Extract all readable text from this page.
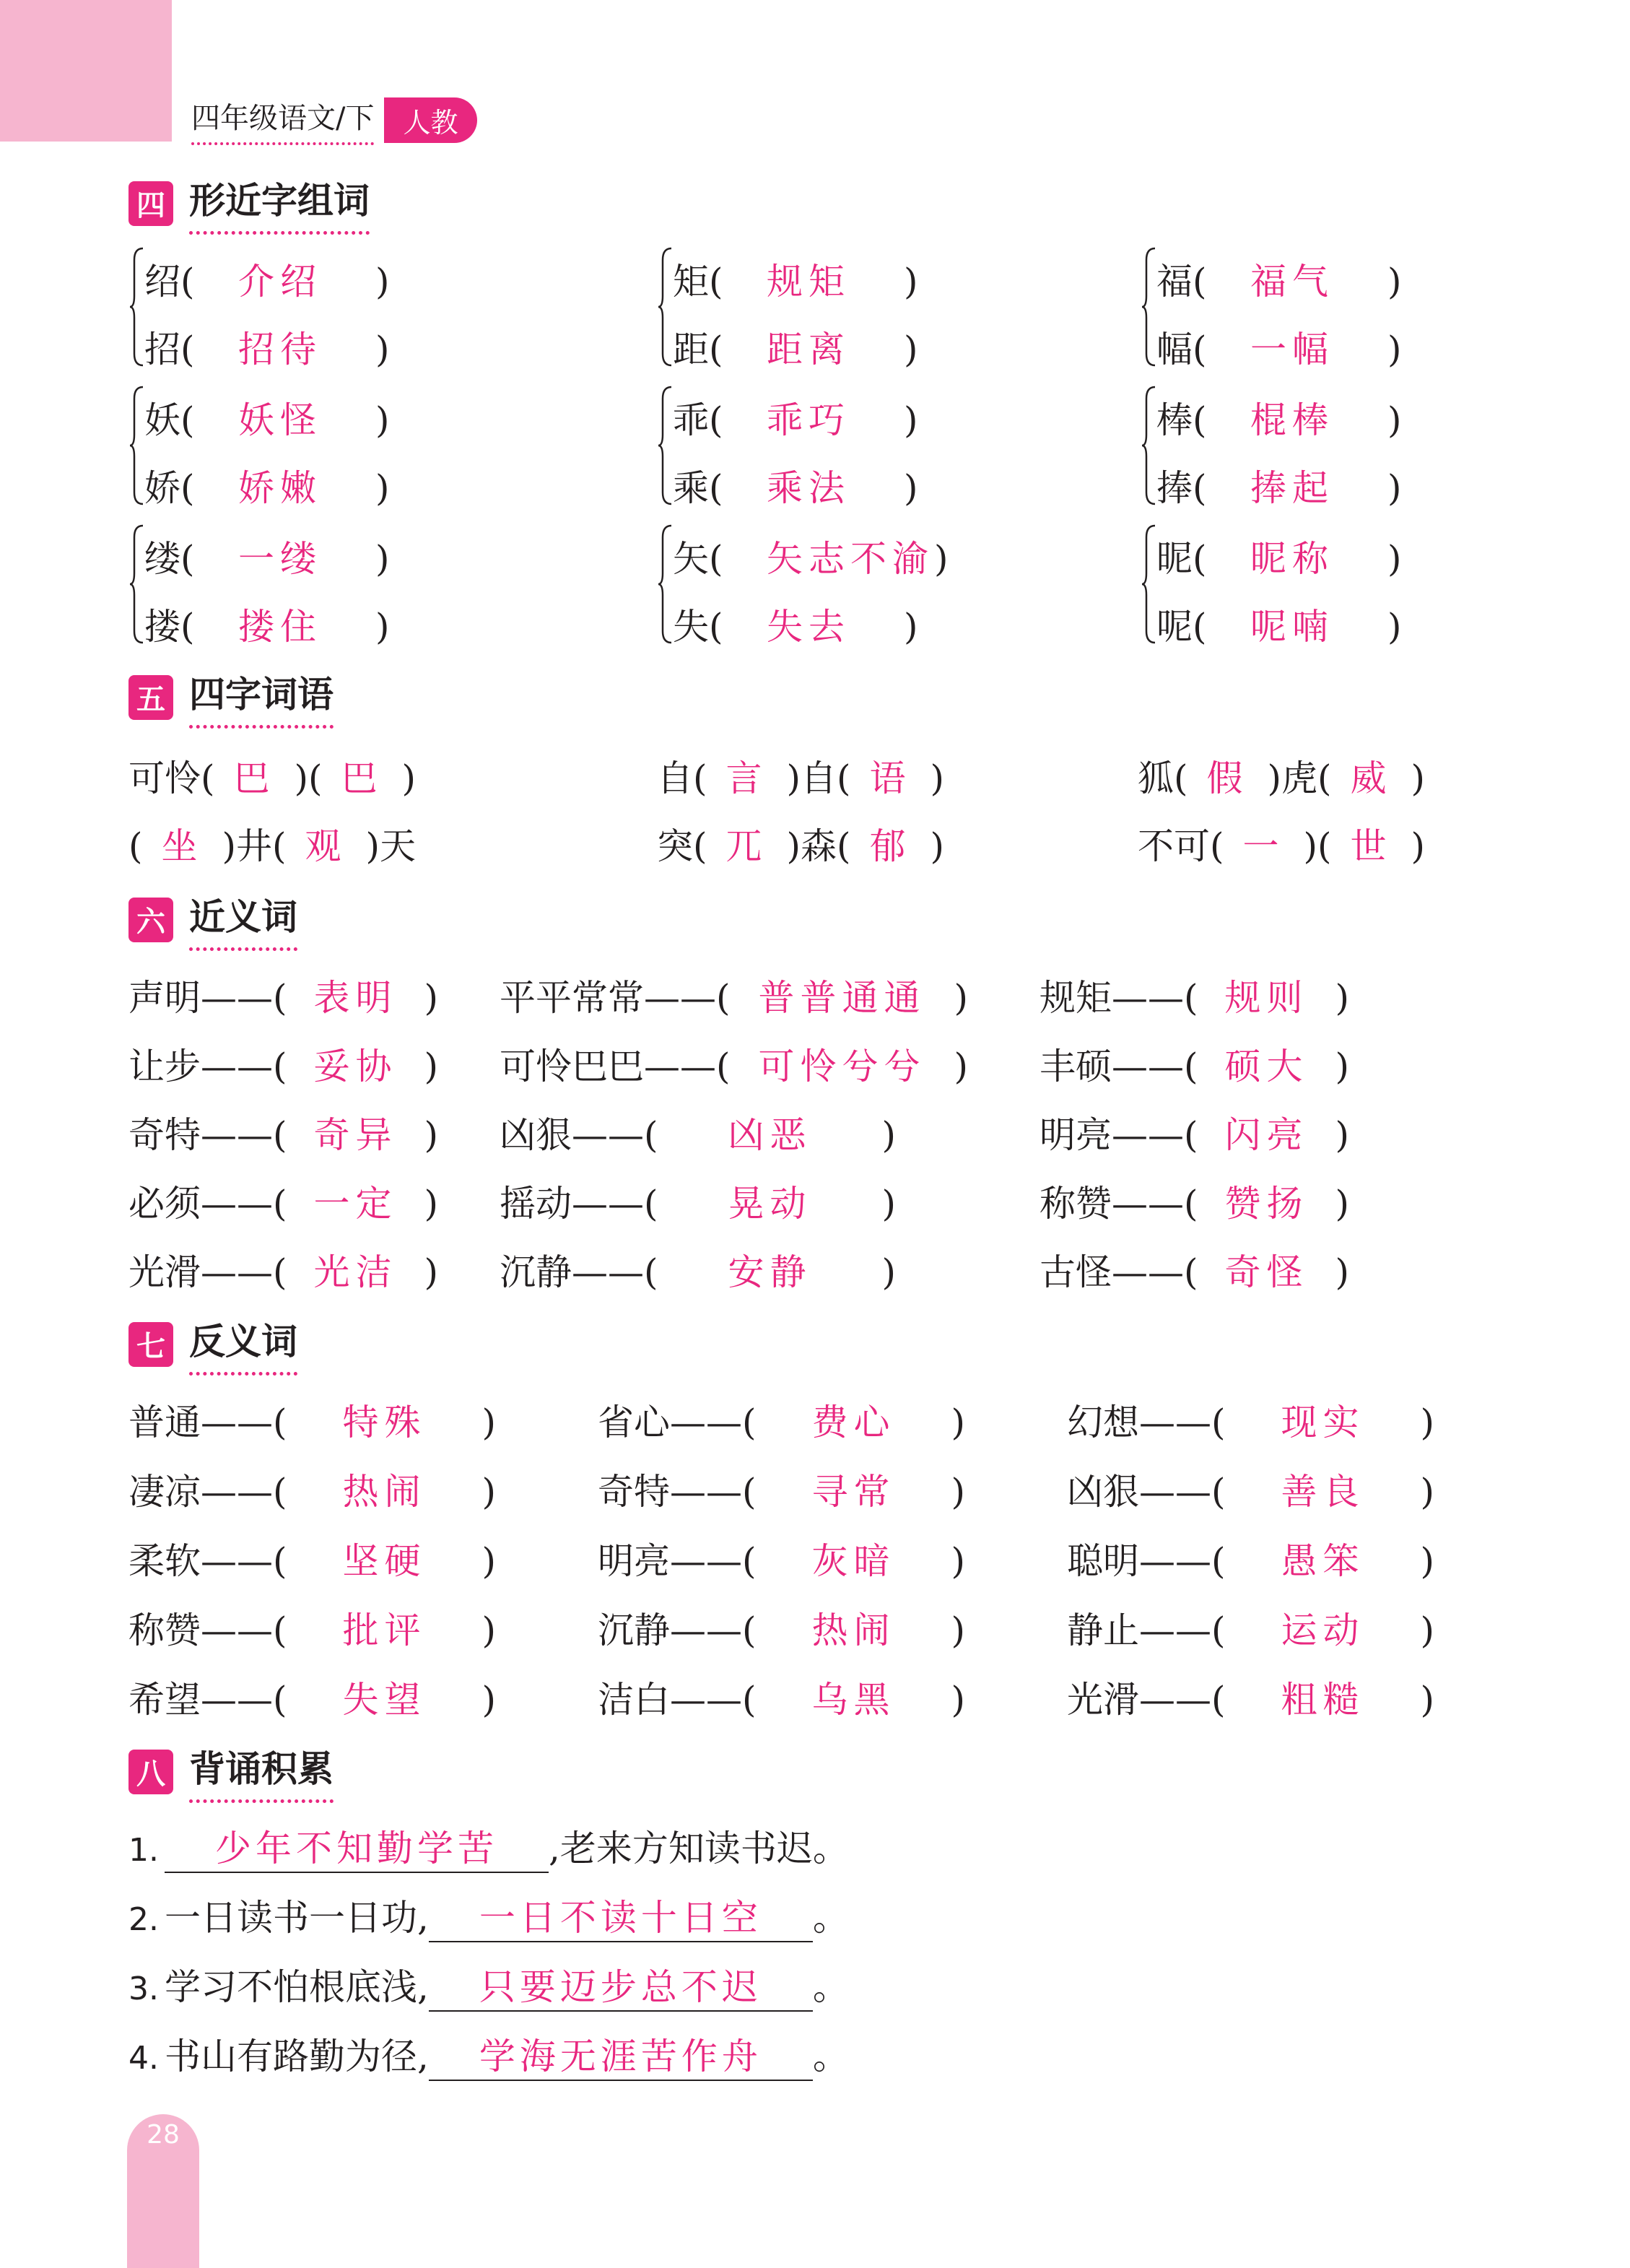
四年级语文/下	人教
四 形近字组词
绍( 介绍 )
招( 招待 )
矩( 规矩 )
距( 距离 )
福( 福气 )
幅( 一幅 )
妖( 妖怪 )
娇( 娇嫩 )
乖( 乖巧 )
乘( 乘法 )
棒( 棍棒 )
捧( 捧起 )
缕( 一缕 )
搂( 搂住 )
矢( 矢志不渝)
失( 失去 )
昵( 昵称 )
呢( 呢喃 )
五 四字词语
可怜( 巴 )( 巴 )	自( 言 )自( 语 )	狐( 假 )虎( 威 )
( 坐 )井( 观 )天	突( 兀 )森( 郁 )	不可( 一 )( 世 )
六 近义词
声明——( 表明 ) 平平常常——( 普普通通 ) 规矩——( 规则 )
让步——( 妥协 ) 可怜巴巴——( 可怜兮兮 ) 丰硕——( 硕大 )
奇特——( 奇异 ) 凶狠——( 凶恶 )	明亮——( 闪亮 )
必须——( 一定 ) 摇动——( 晃动 )	称赞——( 赞扬 )
光滑——( 光洁 ) 沉静——( 安静 )	古怪——( 奇怪 )
七 反义词
普通——( 特殊 )	省心——( 费心 )	幻想——( 现实 )
凄凉——( 热闹 )	奇特——( 寻常 )	凶狠——( 善良 )
柔软——( 坚硬 )	明亮——( 灰暗 )	聪明——( 愚笨 )
称赞——( 批评 )	沉静——( 热闹 )	静止——( 运动 )
希望——( 失望 )	洁白——( 乌黑 )	光滑——( 粗糙 )
八 背诵积累
1. 少年不知勤学苦 ,老来方知读书迟。
2. 一日读书一日功, 一日不读十日空 。
3. 学习不怕根底浅, 只要迈步总不迟 。
4. 书山有路勤为径, 学海无涯苦作舟 。
28
